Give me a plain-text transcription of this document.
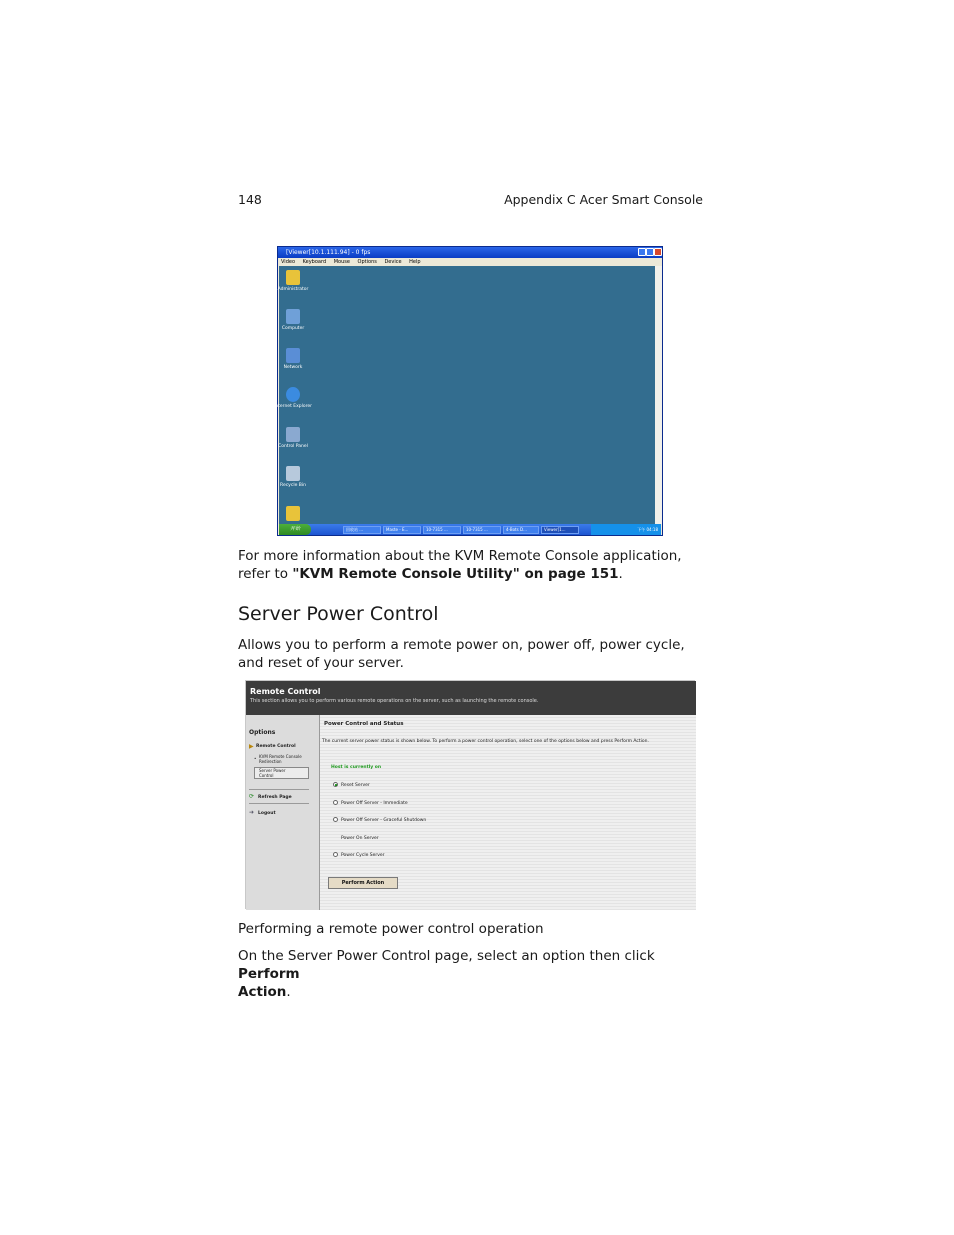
148	Appendix C Acer Smart Console
[Viewer[10.1.111.94] - 0 fps
Video Keyboard Mouse Options Device Help
Administrator
Computer
Network
Internet Explorer
Control Panel
Recycle Bin
开始	回收站 ...	Maste - E...	10-7315 ...	10-7315 ...	4-Bots D...	Viewer[1...	下午 04:18
For more information about the KVM Remote Console application,
refer to "KVM Remote Console Utility" on page 151.
Server Power Control
Allows you to perform a remote power on, power off, power cycle,
and reset of your server.
Remote Control
This section allows you to perform various remote operations on the server, such as launching the remote console.
Options
▶ Remote Control
• KVM Remote Console
Redirection
Server Power
Control
⟳ Refresh Page
➜ Logout
Power Control and Status
The current server power status is shown below. To perform a power control operation, select one of the options below and press Perform Action.
Host is currently on
Reset Server
Power Off Server - Immediate
Power Off Server - Graceful Shutdown
Power On Server
Power Cycle Server
Perform Action
Performing a remote power control operation
On the Server Power Control page, select an option then click Perform
Action.
